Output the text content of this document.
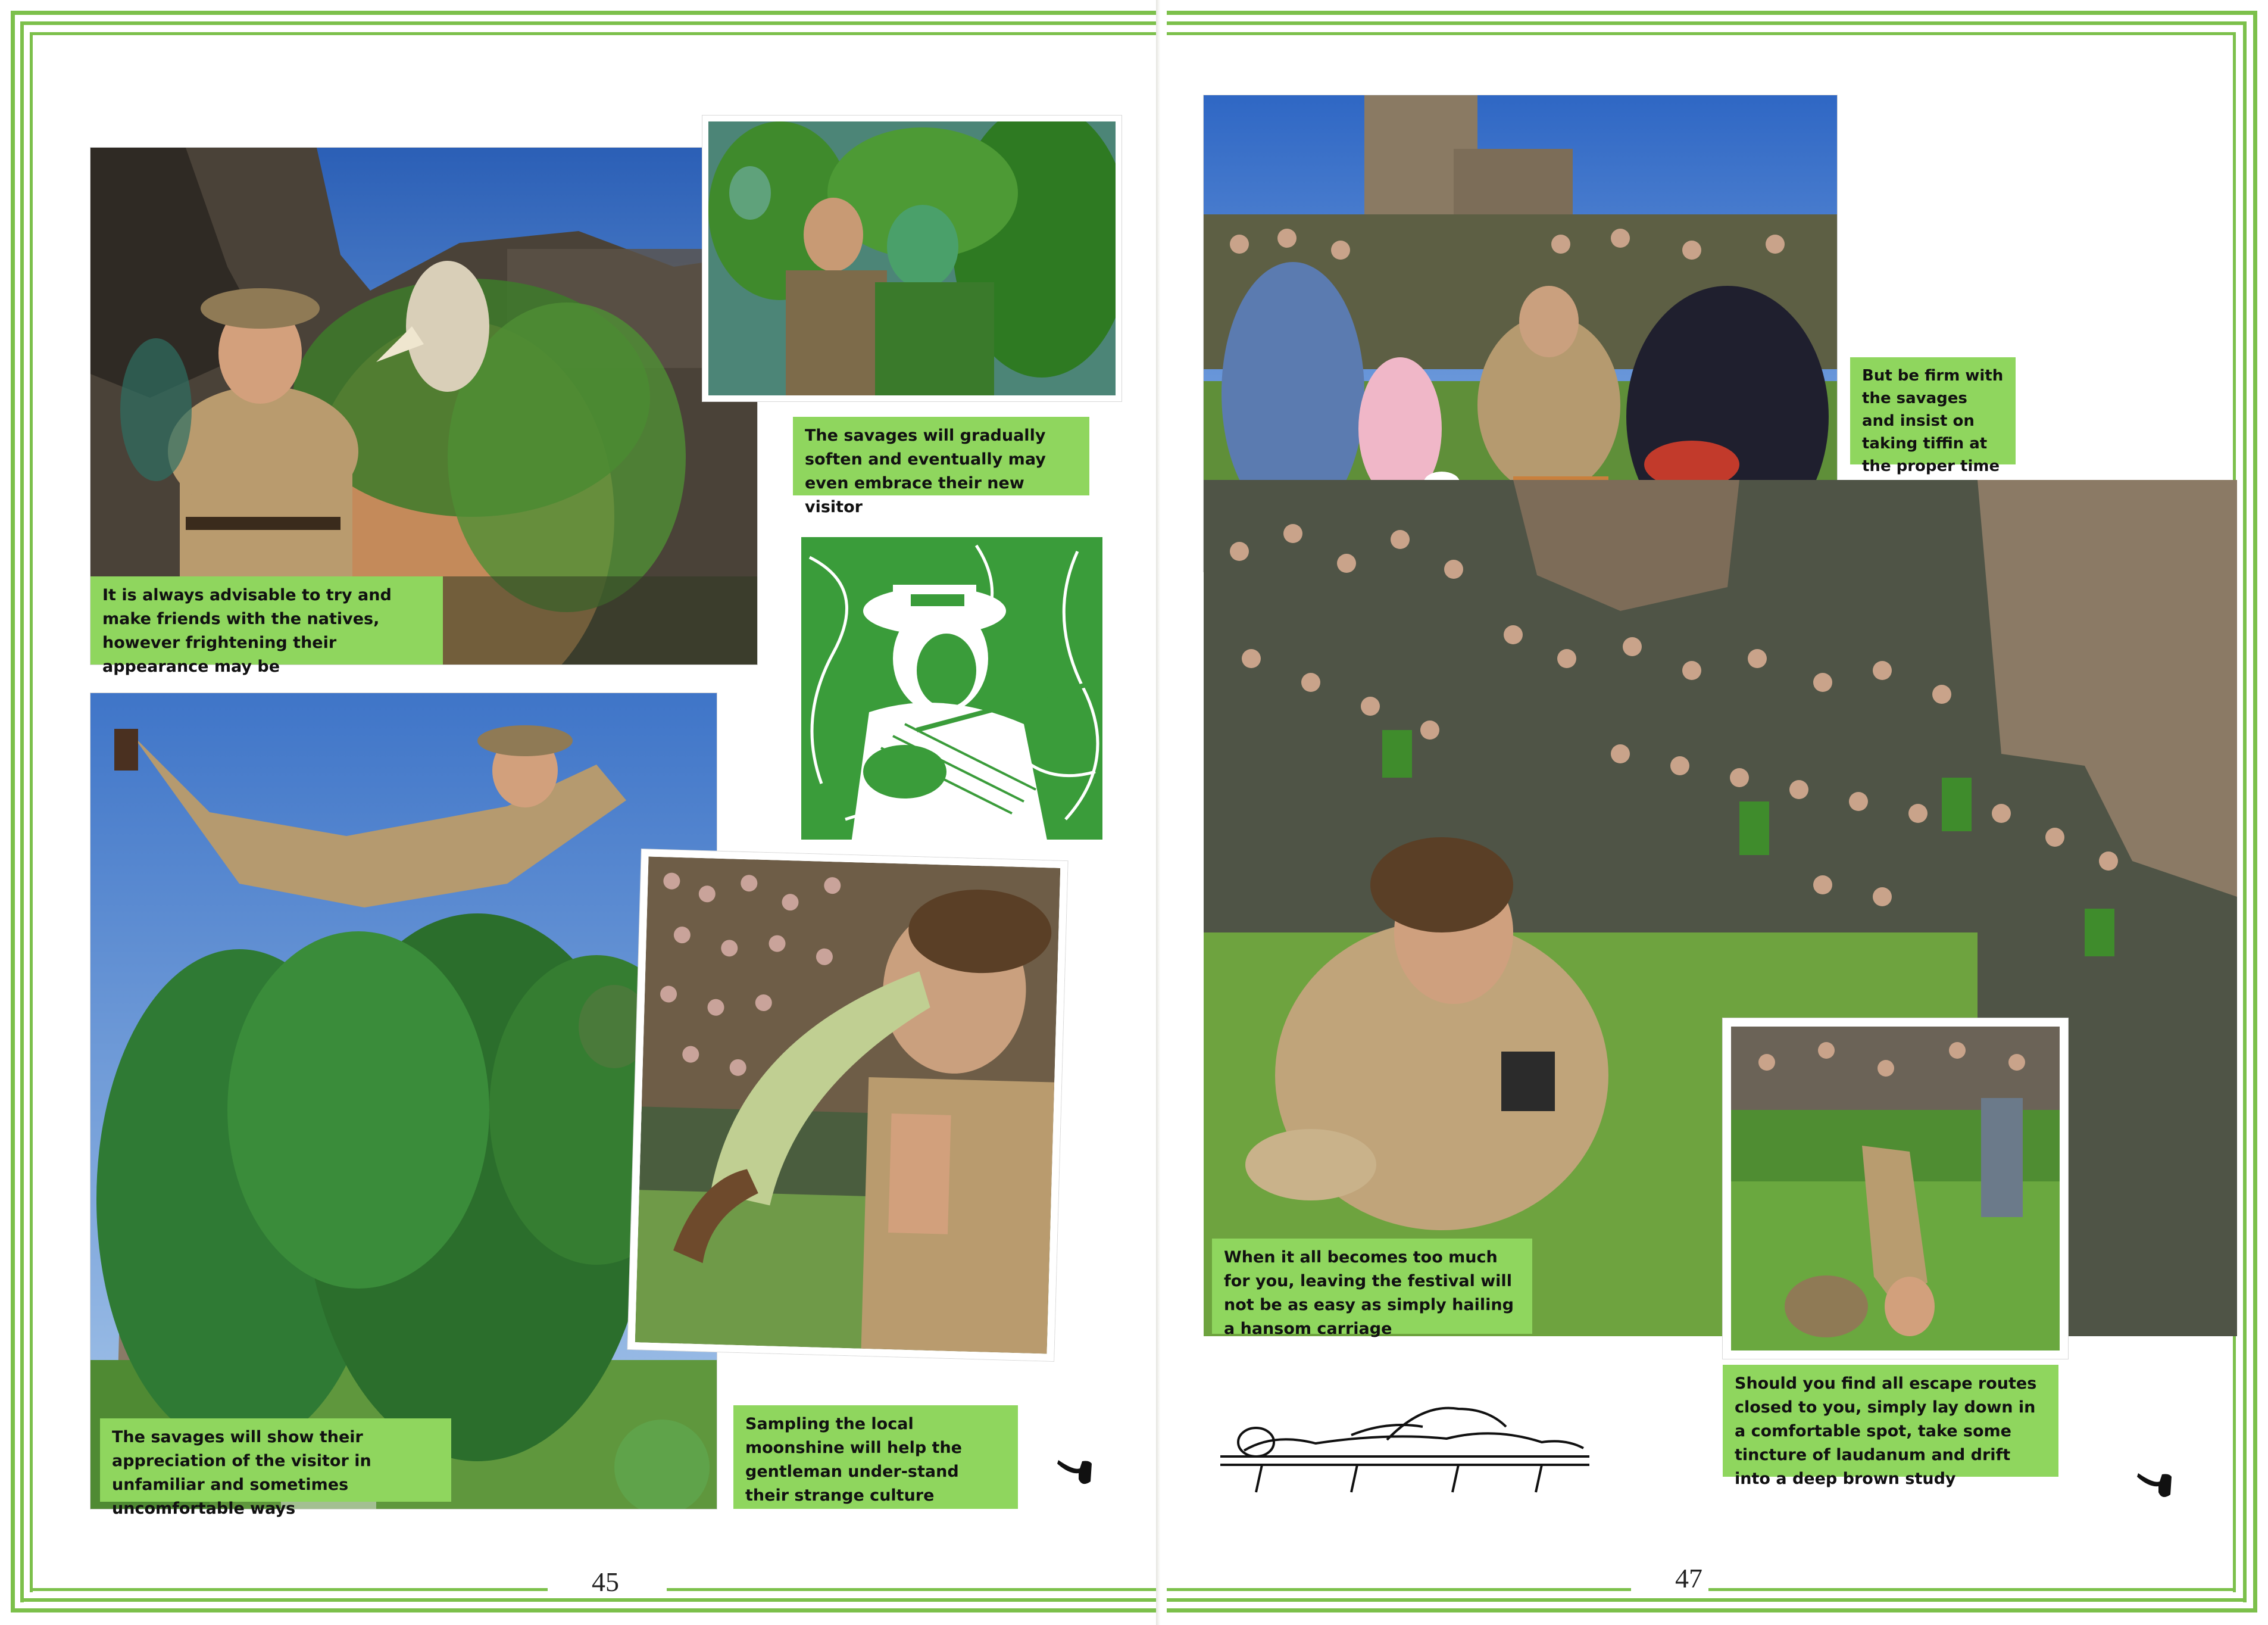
It is always advisable to try and make friends with the natives, however frightening their appearance may be
The savages will gradually soften and eventually may even embrace their new visitor
The savages will show their appreciation of the visitor in unfamiliar and sometimes uncomfortable ways
Sampling the local moonshine will help the gentleman under-stand their strange culture
45
But be firm with the savages and insist on taking tiffin at the proper time
When it all becomes too much for you, leaving the festival will not be as easy as simply hailing a hansom carriage
Should you find all escape routes closed to you, simply lay down in a comfortable spot, take some tincture of laudanum and drift into a deep brown study
47
